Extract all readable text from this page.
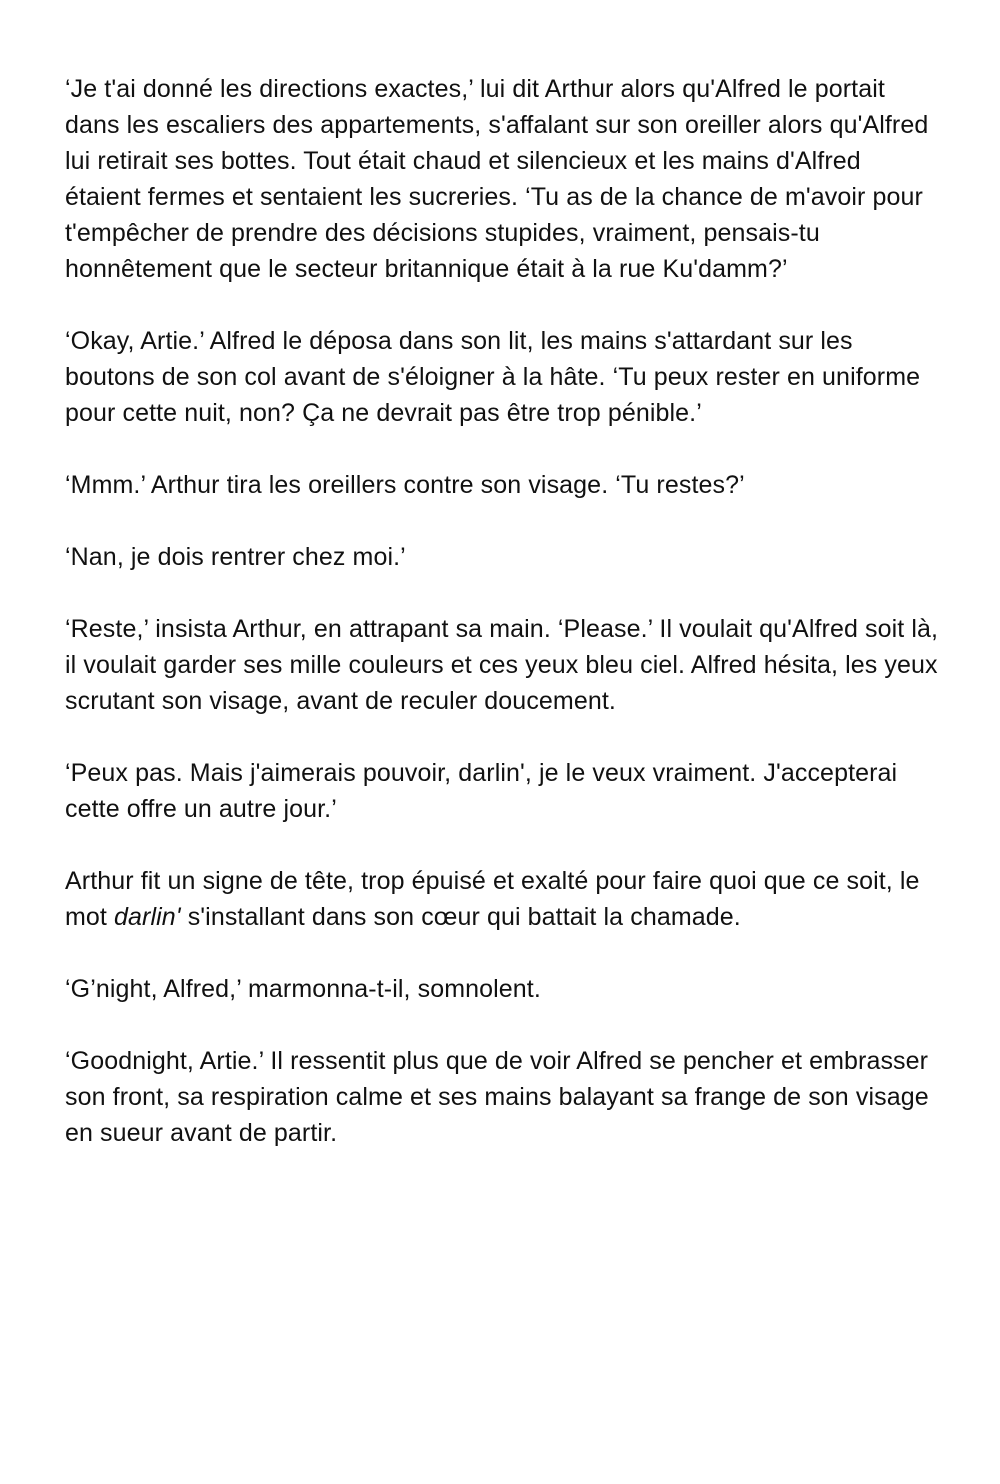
‘Je t'ai donné les directions exactes,’ lui dit Arthur alors qu'Alfred le portait dans les escaliers des appartements, s'affalant sur son oreiller alors qu'Alfred lui retirait ses bottes. Tout était chaud et silencieux et les mains d'Alfred étaient fermes et sentaient les sucreries. ‘Tu as de la chance de m'avoir pour t'empêcher de prendre des décisions stupides, vraiment, pensais-tu honnêtement que le secteur britannique était à la rue Ku'damm?’

‘Okay, Artie.’ Alfred le déposa dans son lit, les mains s'attardant sur les boutons de son col avant de s'éloigner à la hâte. ‘Tu peux rester en uniforme pour cette nuit, non? Ça ne devrait pas être trop pénible.’

‘Mmm.’ Arthur tira les oreillers contre son visage. ‘Tu restes?’

‘Nan, je dois rentrer chez moi.’

‘Reste,’ insista Arthur, en attrapant sa main. ‘Please.’ Il voulait qu'Alfred soit là, il voulait garder ses mille couleurs et ces yeux bleu ciel. Alfred hésita, les yeux scrutant son visage, avant de reculer doucement.

‘Peux pas. Mais j'aimerais pouvoir, darlin', je le veux vraiment. J'accepterai cette offre un autre jour.’

Arthur fit un signe de tête, trop épuisé et exalté pour faire quoi que ce soit, le mot darlin' s'installant dans son cœur qui battait la chamade.

‘G’night, Alfred,’ marmonna-t-il, somnolent.

‘Goodnight, Artie.’ Il ressentit plus que de voir Alfred se pencher et embrasser son front, sa respiration calme et ses mains balayant sa frange de son visage en sueur avant de partir.
